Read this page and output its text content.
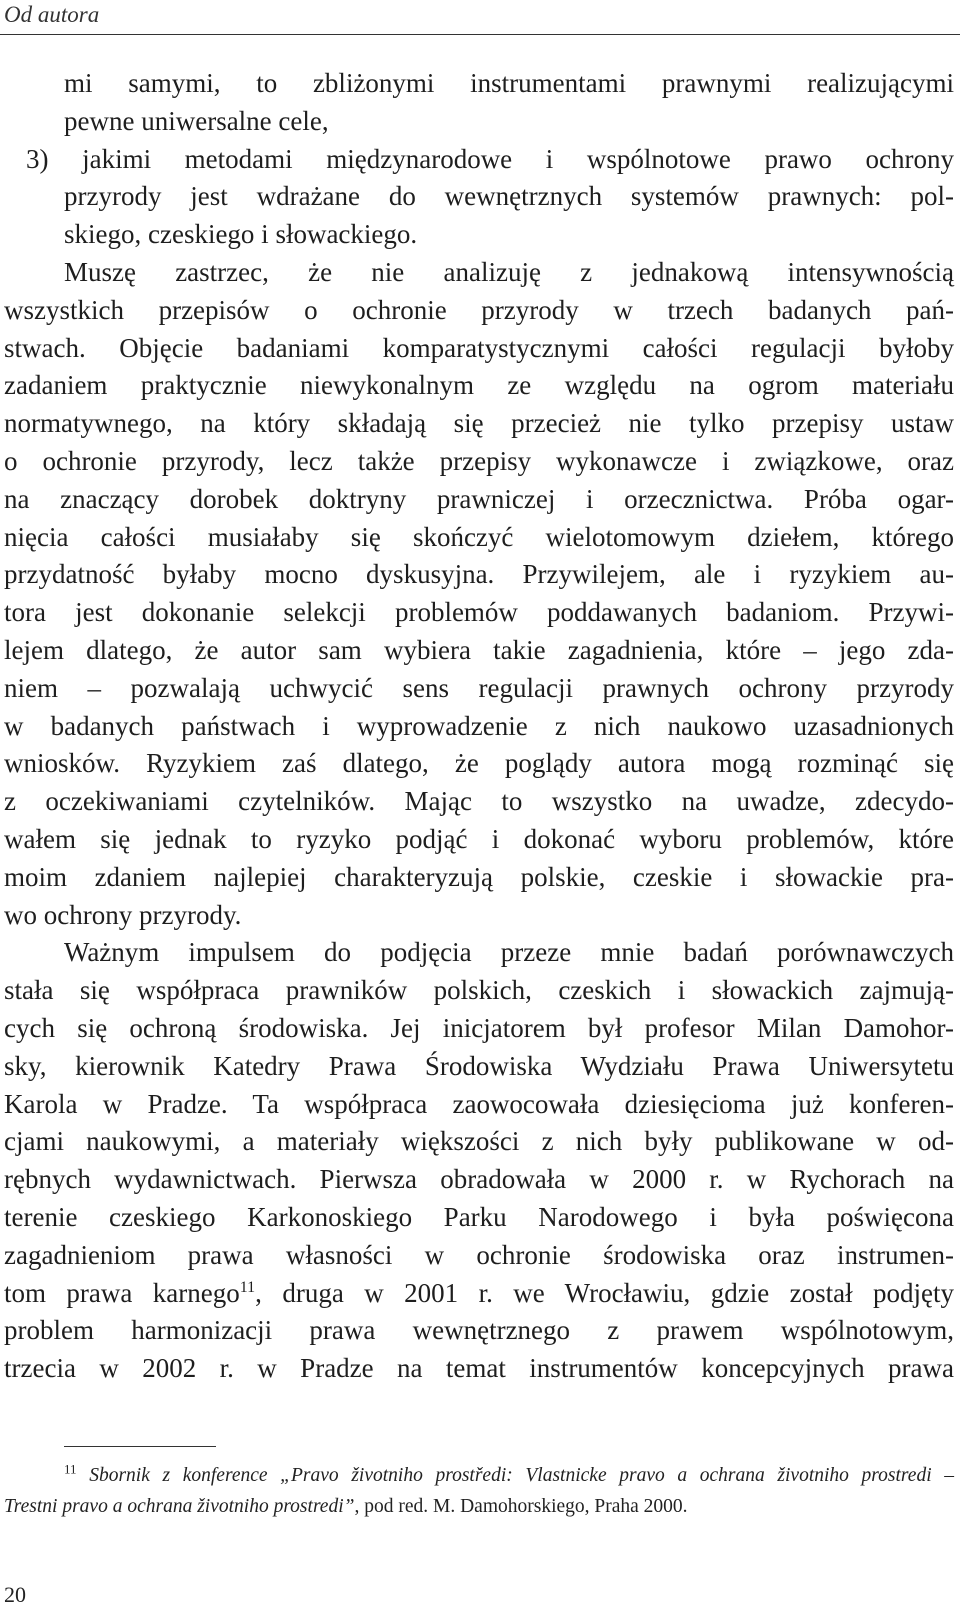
Od autora
mi samymi, to zbliżonymi instrumentami prawnymi realizującymi
pewne uniwersalne cele,
3) jakimi metodami międzynarodowe i wspólnotowe prawo ochrony
przyrody jest wdrażane do wewnętrznych systemów prawnych: pol-
skiego, czeskiego i słowackiego.
Muszę zastrzec, że nie analizuję z jednakową intensywnością
wszystkich przepisów o ochronie przyrody w trzech badanych pań-
stwach. Objęcie badaniami komparatystycznymi całości regulacji byłoby
zadaniem praktycznie niewykonalnym ze względu na ogrom materiału
normatywnego, na który składają się przecież nie tylko przepisy ustaw
o ochronie przyrody, lecz także przepisy wykonawcze i związkowe, oraz
na znaczący dorobek doktryny prawniczej i orzecznictwa. Próba ogar-
nięcia całości musiałaby się skończyć wielotomowym dziełem, którego
przydatność byłaby mocno dyskusyjna. Przywilejem, ale i ryzykiem au-
tora jest dokonanie selekcji problemów poddawanych badaniom. Przywi-
lejem dlatego, że autor sam wybiera takie zagadnienia, które – jego zda-
niem – pozwalają uchwycić sens regulacji prawnych ochrony przyrody
w badanych państwach i wyprowadzenie z nich naukowo uzasadnionych
wniosków. Ryzykiem zaś dlatego, że poglądy autora mogą rozminąć się
z oczekiwaniami czytelników. Mając to wszystko na uwadze, zdecydo-
wałem się jednak to ryzyko podjąć i dokonać wyboru problemów, które
moim zdaniem najlepiej charakteryzują polskie, czeskie i słowackie pra-
wo ochrony przyrody.
Ważnym impulsem do podjęcia przeze mnie badań porównawczych
stała się współpraca prawników polskich, czeskich i słowackich zajmują-
cych się ochroną środowiska. Jej inicjatorem był profesor Milan Damohor-
sky, kierownik Katedry Prawa Środowiska Wydziału Prawa Uniwersytetu
Karola w Pradze. Ta współpraca zaowocowała dziesięcioma już konferen-
cjami naukowymi, a materiały większości z nich były publikowane w od-
rębnych wydawnictwach. Pierwsza obradowała w 2000 r. w Rychorach na
terenie czeskiego Karkonoskiego Parku Narodowego i była poświęcona
zagadnieniom prawa własności w ochronie środowiska oraz instrumen-
tom prawa karnego$^{11}$, druga w 2001 r. we Wrocławiu, gdzie został podjęty
problem harmonizacji prawa wewnętrznego z prawem wspólnotowym,
trzecia w 2002 r. w Pradze na temat instrumentów koncepcyjnych prawa
$^{11}$ Sbornik z konference „Pravo životniho prostředi: Vlastnicke pravo a ochrana životniho prostredi –
Trestni pravo a ochrana životniho prostredi”, pod red. M. Damohorskiego, Praha 2000.
20
